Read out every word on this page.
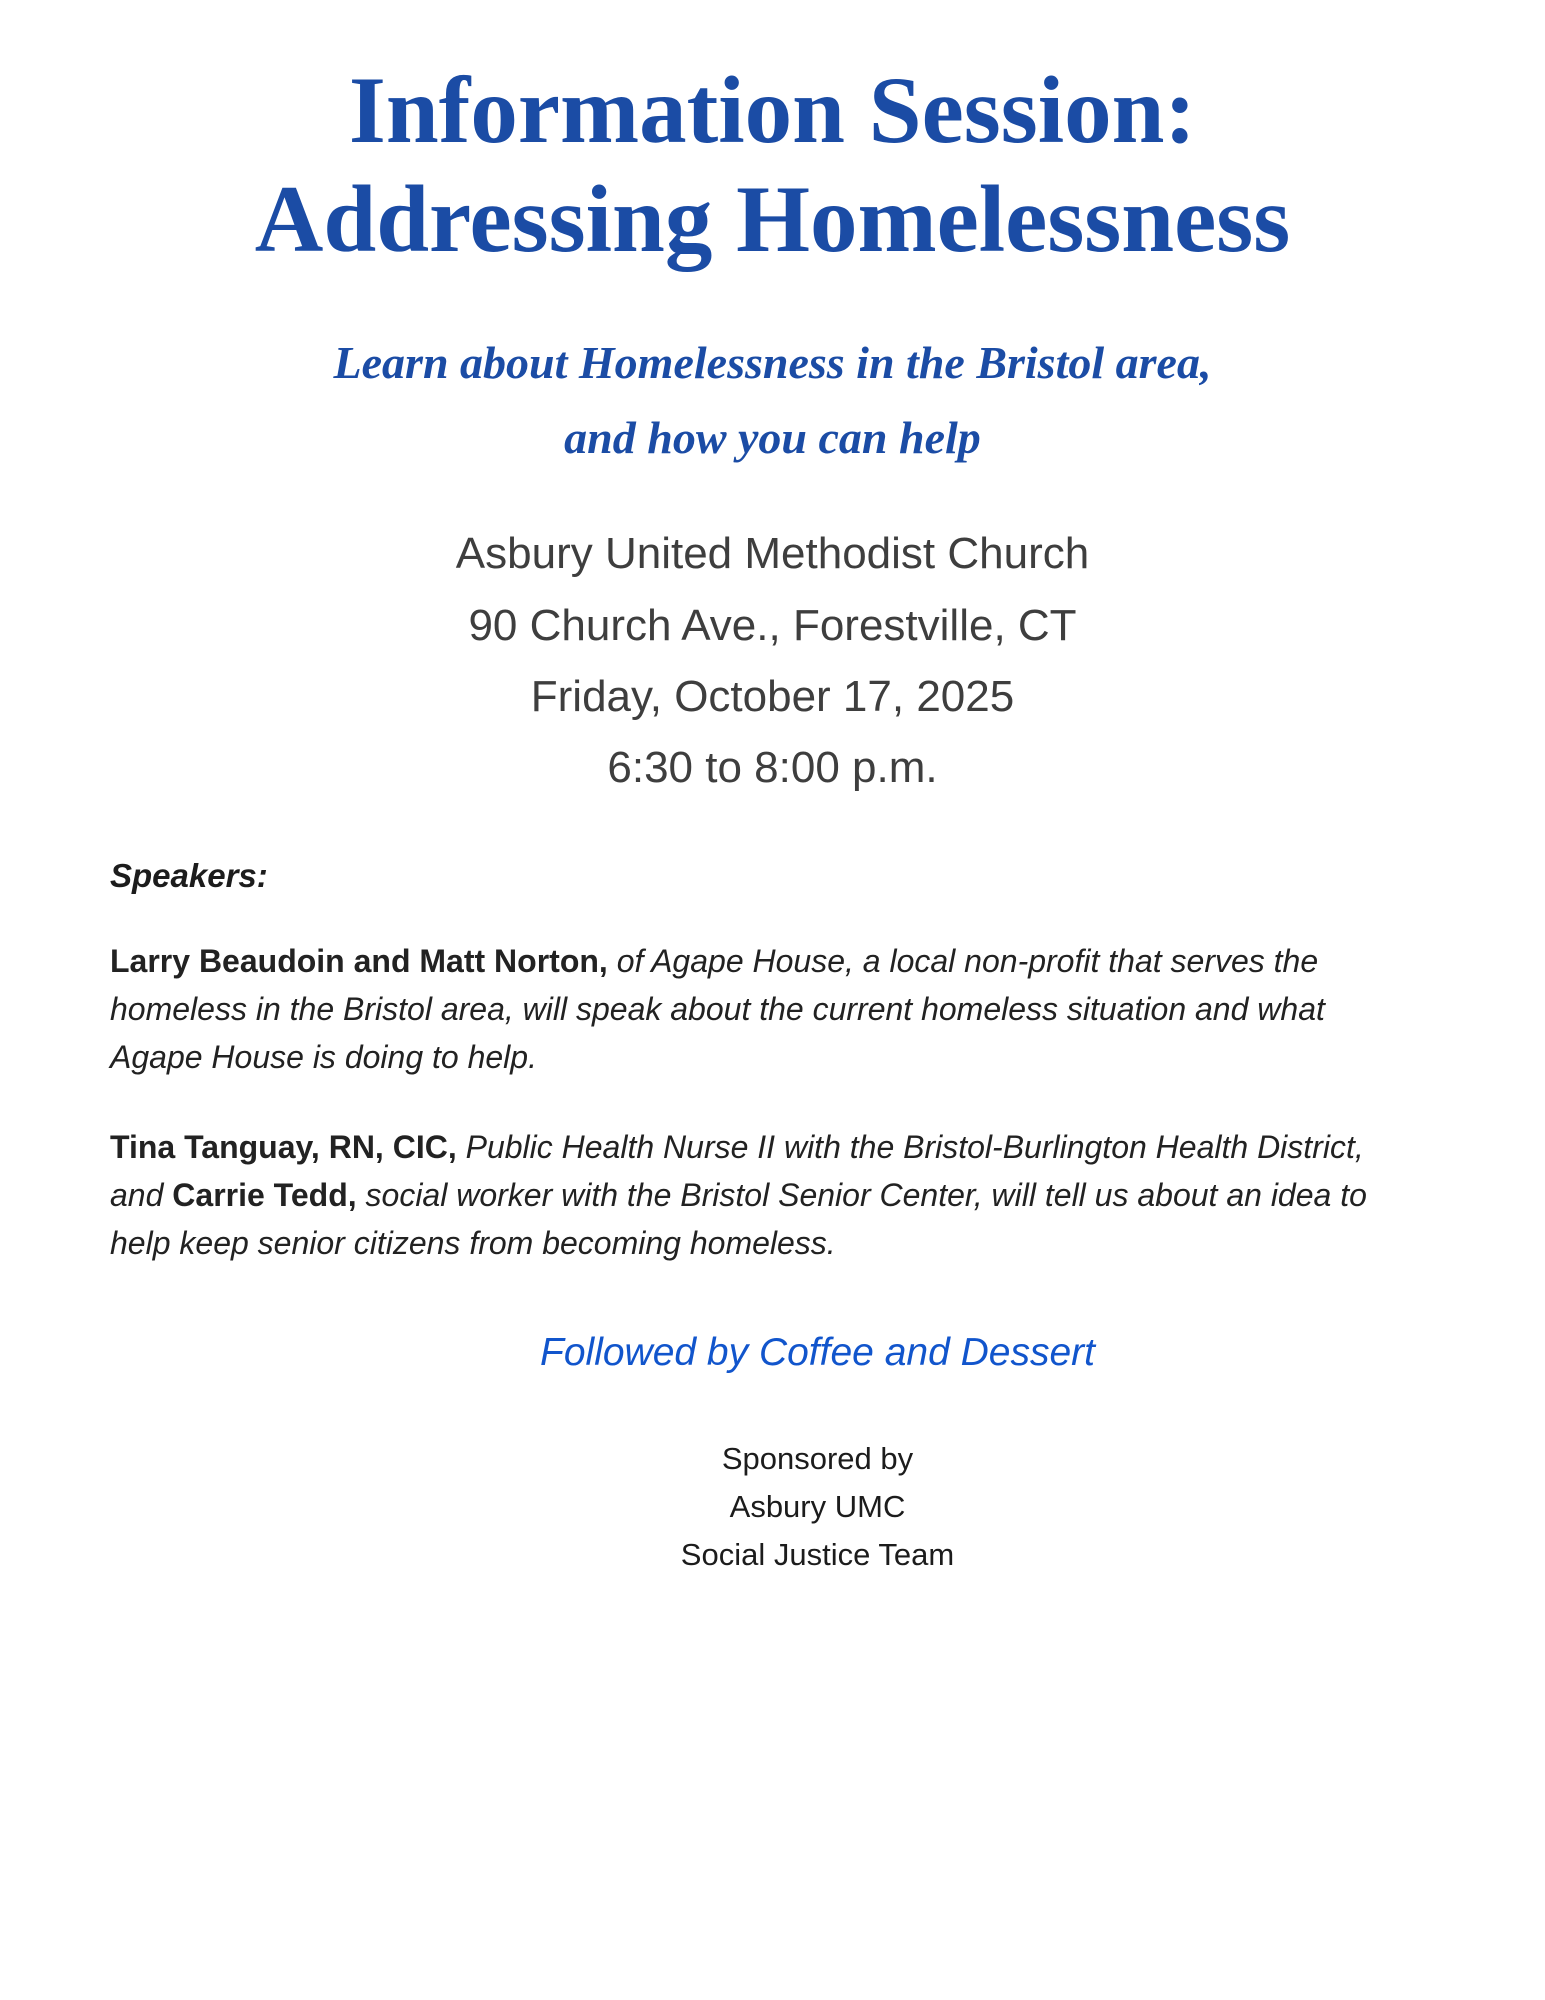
Information Session:
Addressing Homelessness
Learn about Homelessness in the Bristol area,
and how you can help
Asbury United Methodist Church
90 Church Ave., Forestville, CT
Friday, October 17, 2025
6:30 to 8:00 p.m.
Speakers:

Larry Beaudoin and Matt Norton, of Agape House, a local non-profit that serves the homeless in the Bristol area, will speak about the current homeless situation and what Agape House is doing to help.

Tina Tanguay, RN, CIC, Public Health Nurse II with the Bristol-Burlington Health District, and Carrie Tedd, social worker with the Bristol Senior Center, will tell us about an idea to help keep senior citizens from becoming homeless.

Followed by Coffee and Dessert
Sponsored by
Asbury UMC
Social Justice Team
